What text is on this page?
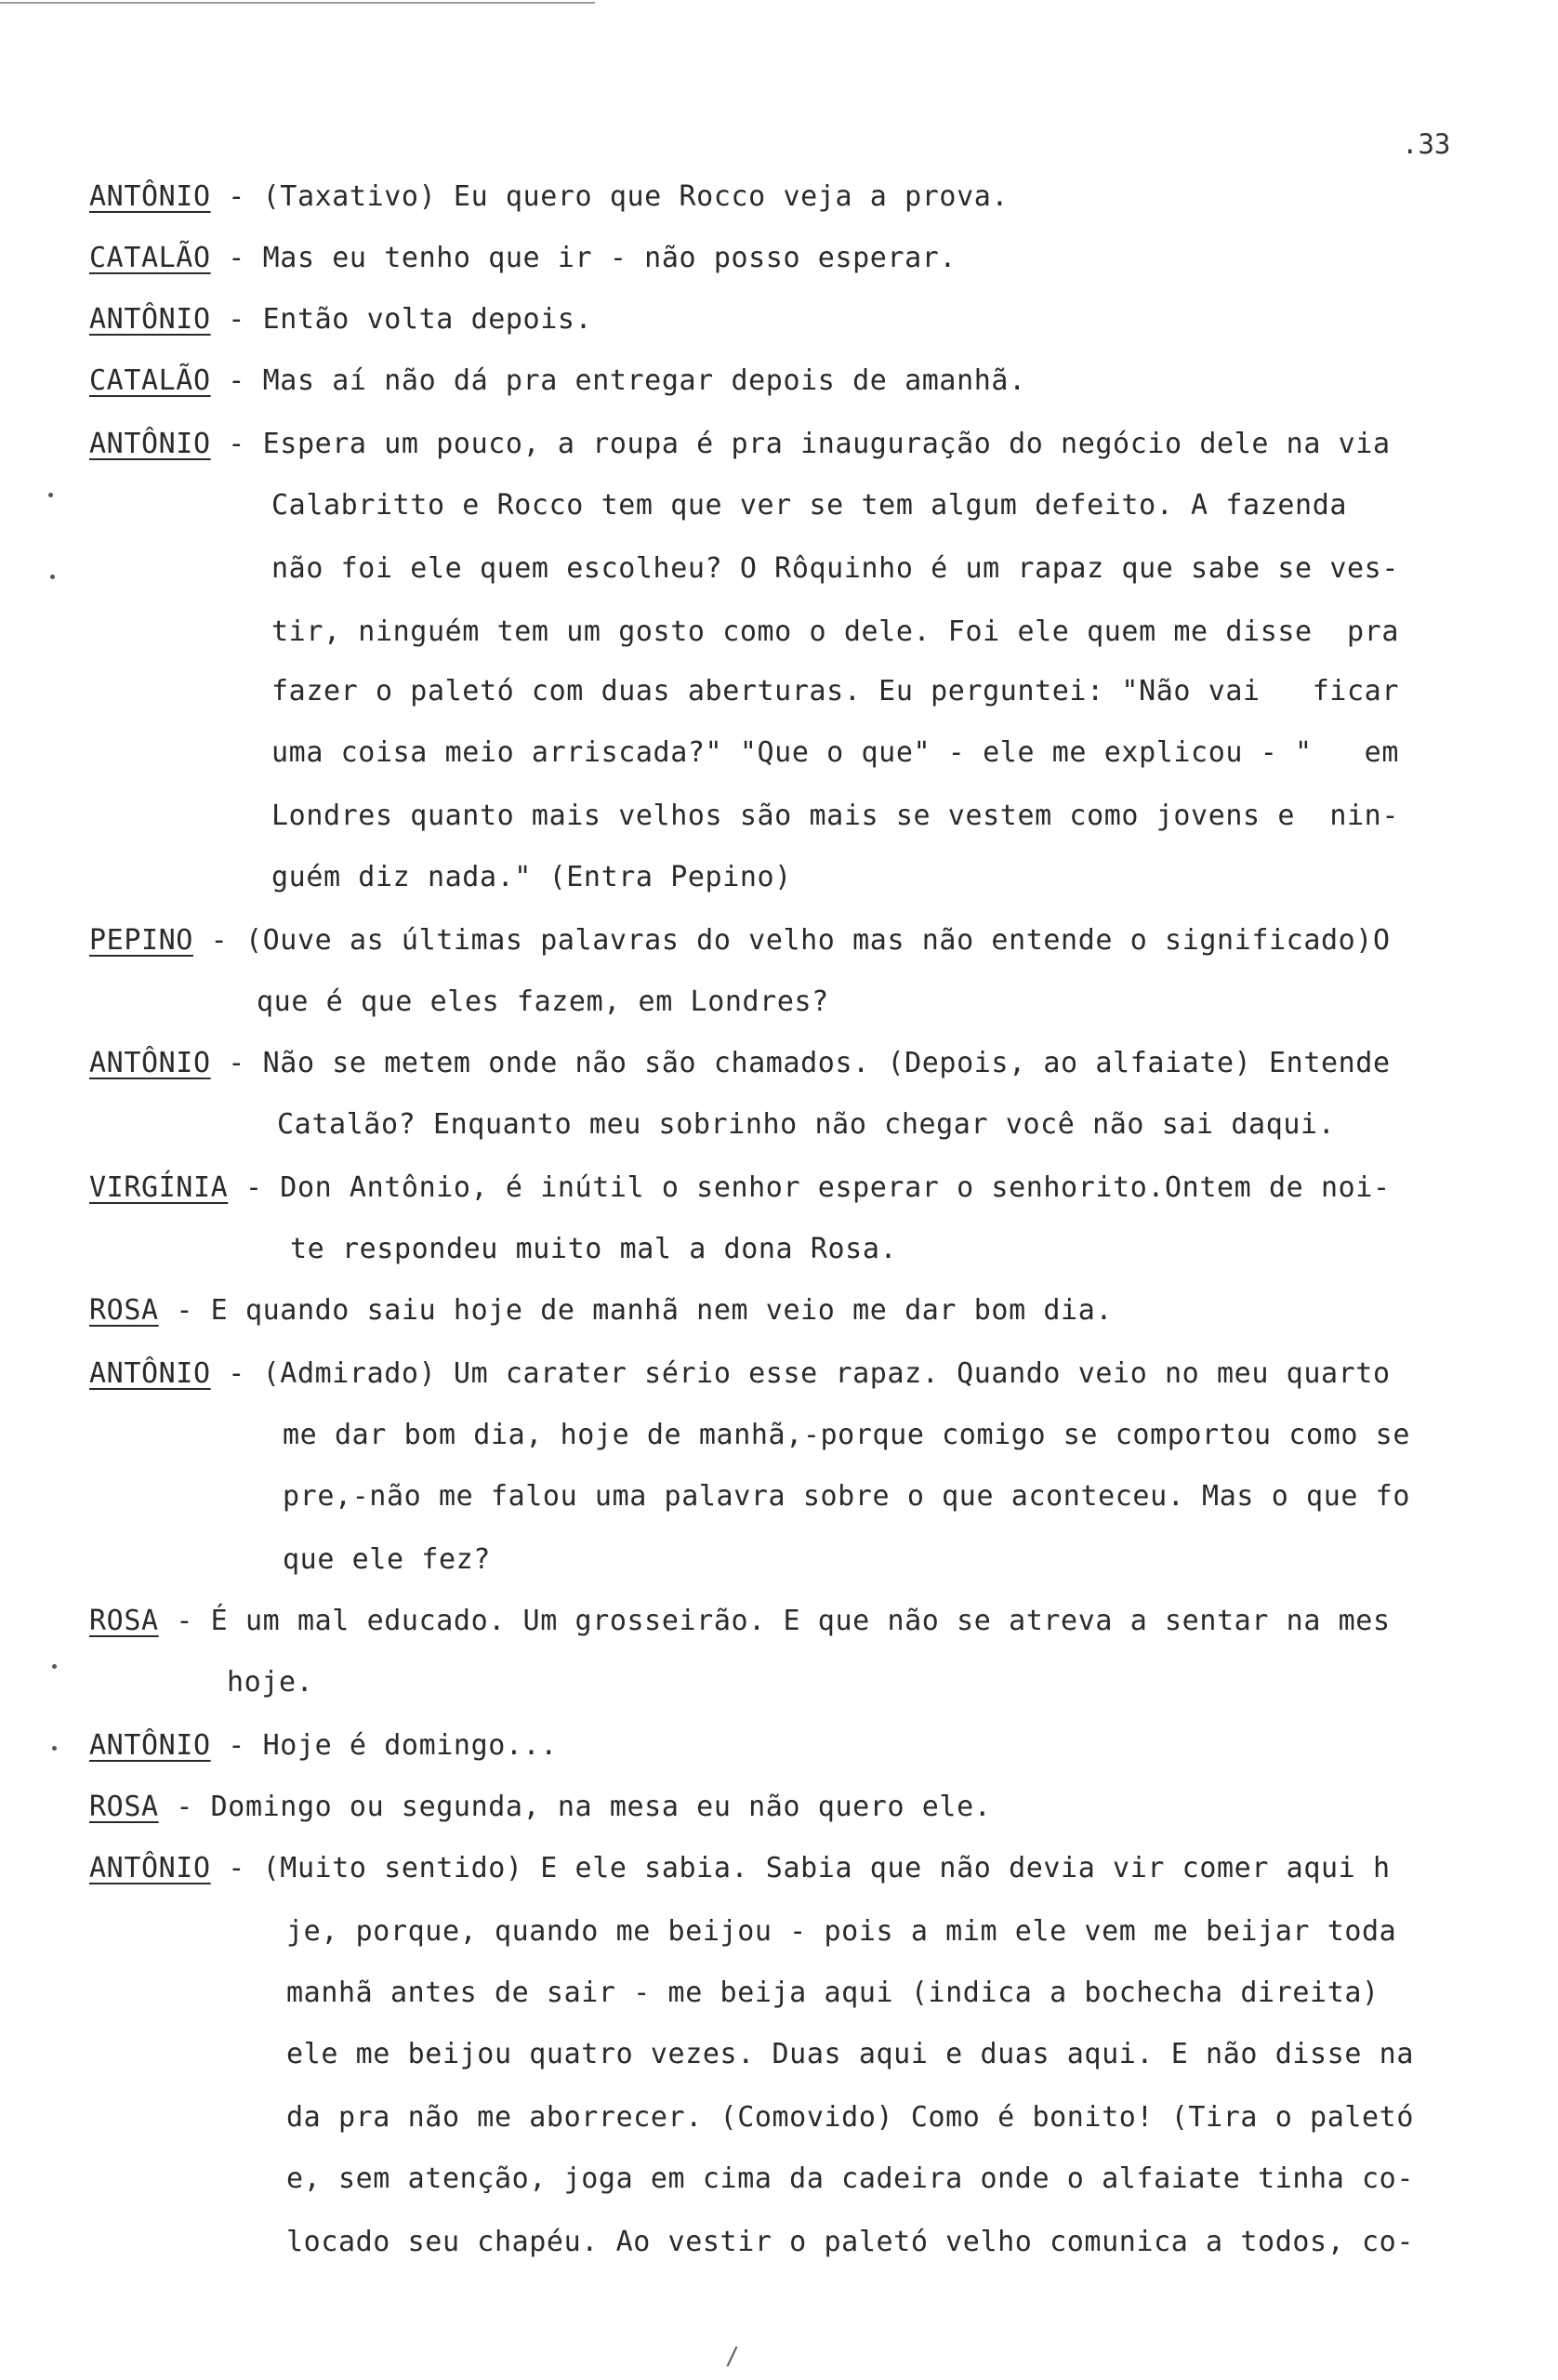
.33
ANTÔNIO - (Taxativo) Eu quero que Rocco veja a prova.
CATALÃO - Mas eu tenho que ir - não posso esperar.
ANTÔNIO - Então volta depois.
CATALÃO - Mas aí não dá pra entregar depois de amanhã.
ANTÔNIO - Espera um pouco, a roupa é pra inauguração do negócio dele na via
Calabritto e Rocco tem que ver se tem algum defeito. A fazenda
não foi ele quem escolheu? O Rôquinho é um rapaz que sabe se ves-
tir, ninguém tem um gosto como o dele. Foi ele quem me disse  pra
fazer o paletó com duas aberturas. Eu perguntei: "Não vai   ficar
uma coisa meio arriscada?" "Que o que" - ele me explicou - "   em
Londres quanto mais velhos são mais se vestem como jovens e  nin-
guém diz nada." (Entra Pepino)
PEPINO - (Ouve as últimas palavras do velho mas não entende o significado)O
que é que eles fazem, em Londres?
ANTÔNIO - Não se metem onde não são chamados. (Depois, ao alfaiate) Entende
Catalão? Enquanto meu sobrinho não chegar você não sai daqui.
VIRGÍNIA - Don Antônio, é inútil o senhor esperar o senhorito.Ontem de noi-
te respondeu muito mal a dona Rosa.
ROSA - E quando saiu hoje de manhã nem veio me dar bom dia.
ANTÔNIO - (Admirado) Um carater sério esse rapaz. Quando veio no meu quarto
me dar bom dia, hoje de manhã,-porque comigo se comportou como se
pre,-não me falou uma palavra sobre o que aconteceu. Mas o que fo
que ele fez?
ROSA - É um mal educado. Um grosseirão. E que não se atreva a sentar na mes
hoje.
ANTÔNIO - Hoje é domingo...
ROSA - Domingo ou segunda, na mesa eu não quero ele.
ANTÔNIO - (Muito sentido) E ele sabia. Sabia que não devia vir comer aqui h
je, porque, quando me beijou - pois a mim ele vem me beijar toda
manhã antes de sair - me beija aqui (indica a bochecha direita)
ele me beijou quatro vezes. Duas aqui e duas aqui. E não disse na
da pra não me aborrecer. (Comovido) Como é bonito! (Tira o paletó
e, sem atenção, joga em cima da cadeira onde o alfaiate tinha co-
locado seu chapéu. Ao vestir o paletó velho comunica a todos, co-
/
